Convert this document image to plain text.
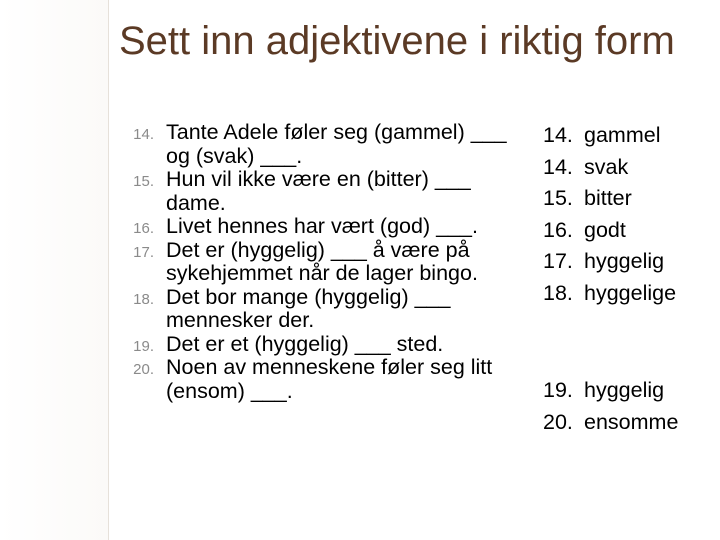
Sett inn adjektivene i riktig form
14. Tante Adele føler seg (gammel) ___ og (svak) ___.
15. Hun vil ikke være en (bitter) ___ dame.
16. Livet hennes har vært (god) ___.
17. Det er (hyggelig) ___ å være på sykehjemmet når de lager bingo.
18. Det bor mange (hyggelig) ___ mennesker der.
19. Det er et (hyggelig) ___ sted.
20. Noen av menneskene føler seg litt (ensom) ___.
14. gammel
14. svak
15. bitter
16. godt
17. hyggelig
18. hyggelige
19. hyggelig
20. ensomme
